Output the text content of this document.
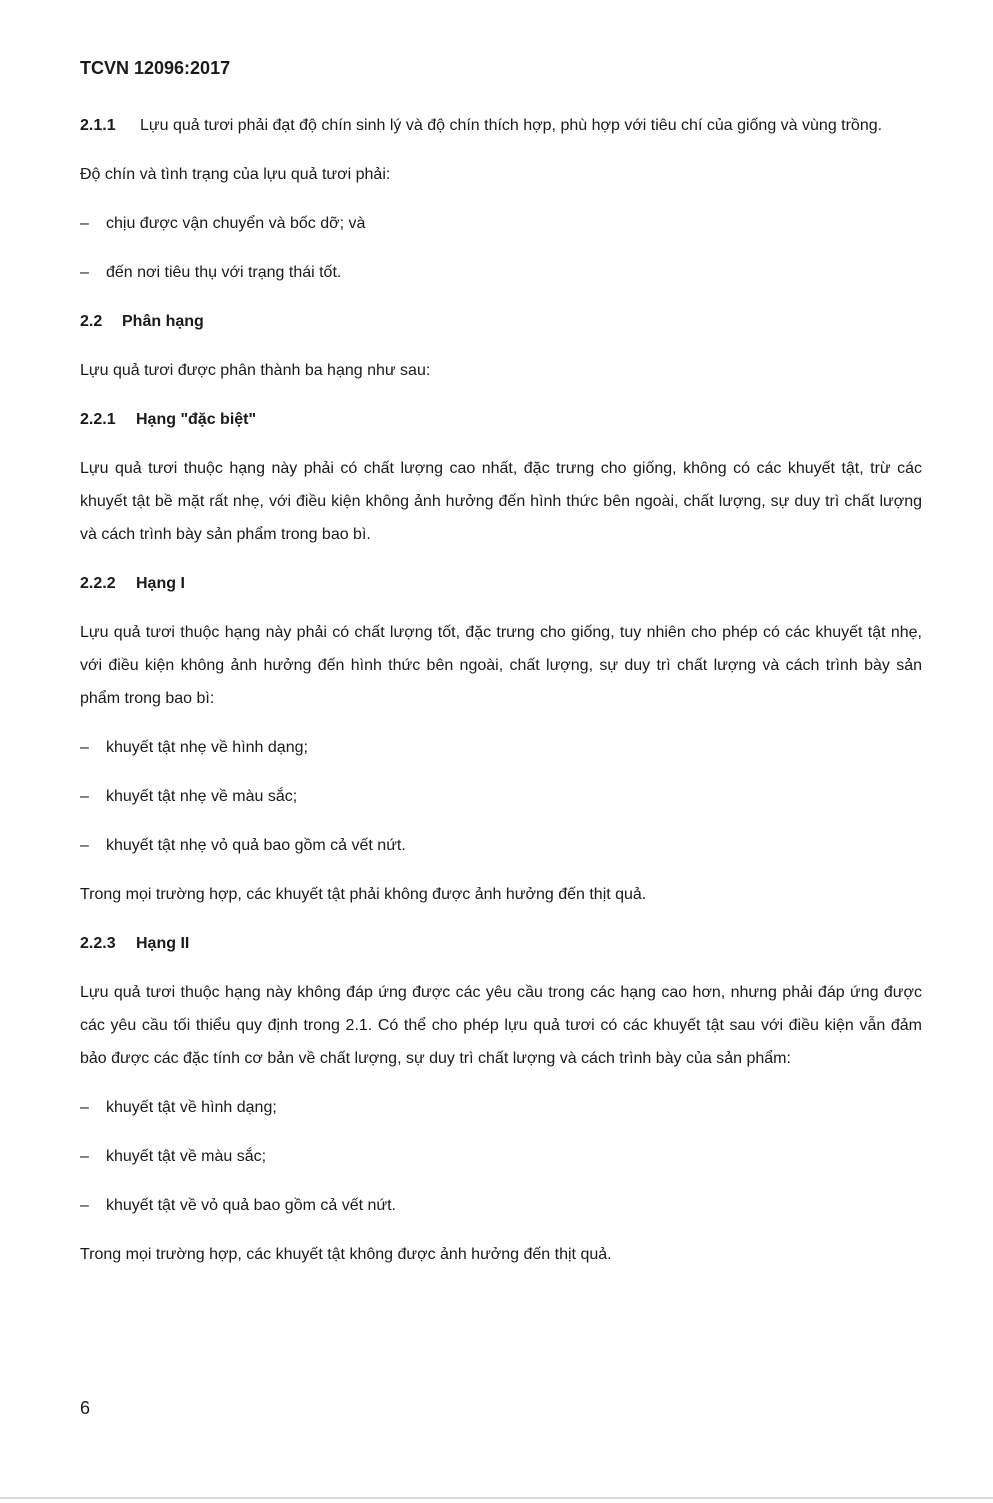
TCVN 12096:2017

2.1.1 Lựu quả tươi phải đạt độ chín sinh lý và độ chín thích hợp, phù hợp với tiêu chí của giống và vùng trồng.

Độ chín và tình trạng của lựu quả tươi phải:

–	chịu được vận chuyển và bốc dỡ; và
–	đến nơi tiêu thụ với trạng thái tốt.
2.2 Phân hạng

Lựu quả tươi được phân thành ba hạng như sau:

2.2.1 Hạng "đặc biệt"

Lựu quả tươi thuộc hạng này phải có chất lượng cao nhất, đặc trưng cho giống, không có các khuyết tật, trừ các khuyết tật bề mặt rất nhẹ, với điều kiện không ảnh hưởng đến hình thức bên ngoài, chất lượng, sự duy trì chất lượng và cách trình bày sản phẩm trong bao bì.

2.2.2 Hạng I

Lựu quả tươi thuộc hạng này phải có chất lượng tốt, đặc trưng cho giống, tuy nhiên cho phép có các khuyết tật nhẹ, với điều kiện không ảnh hưởng đến hình thức bên ngoài, chất lượng, sự duy trì chất lượng và cách trình bày sản phẩm trong bao bì:

–	khuyết tật nhẹ về hình dạng;
–	khuyết tật nhẹ về màu sắc;
–	khuyết tật nhẹ vỏ quả bao gồm cả vết nứt.

Trong mọi trường hợp, các khuyết tật phải không được ảnh hưởng đến thịt quả.

2.2.3 Hạng II

Lựu quả tươi thuộc hạng này không đáp ứng được các yêu cầu trong các hạng cao hơn, nhưng phải đáp ứng được các yêu cầu tối thiểu quy định trong 2.1. Có thể cho phép lựu quả tươi có các khuyết tật sau với điều kiện vẫn đảm bảo được các đặc tính cơ bản về chất lượng, sự duy trì chất lượng và cách trình bày của sản phẩm:

–	khuyết tật về hình dạng;
–	khuyết tật về màu sắc;
–	khuyết tật về vỏ quả bao gồm cả vết nứt.

Trong mọi trường hợp, các khuyết tật không được ảnh hưởng đến thịt quả.

6
